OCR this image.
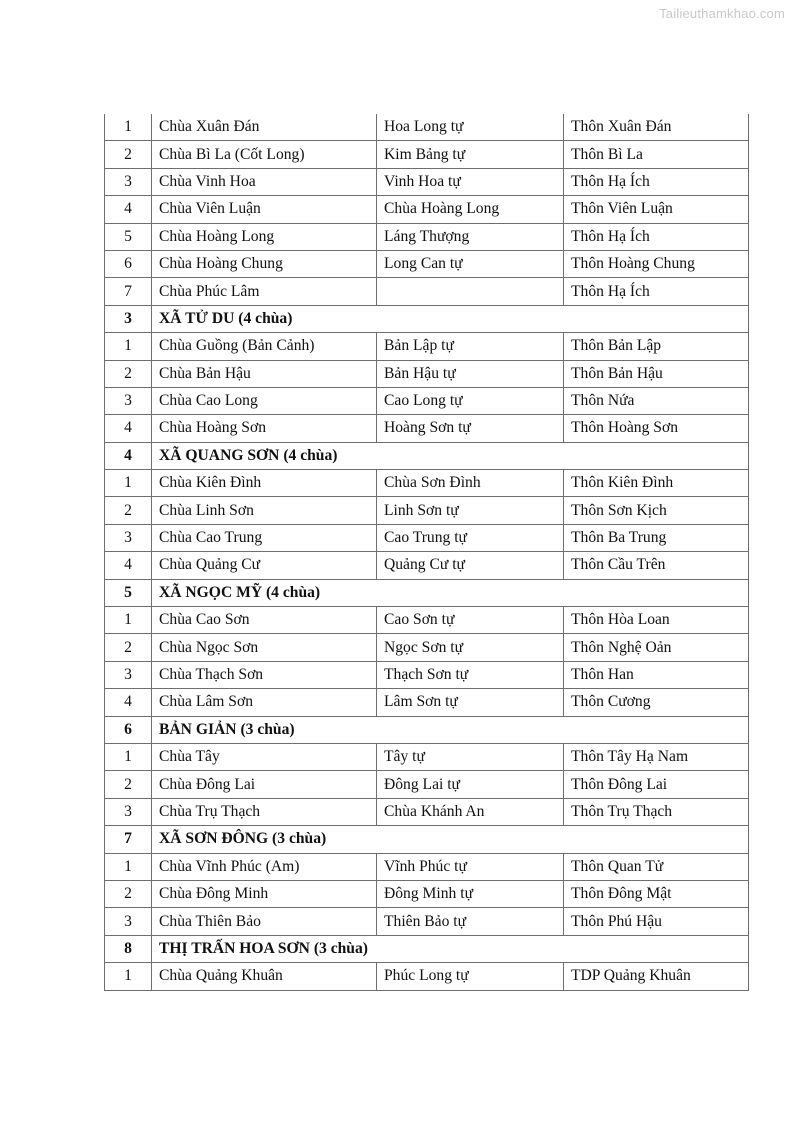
Tailieuthamkhao.com
1	Chùa Xuân Đán	Hoa Long tự	Thôn Xuân Đán
2	Chùa Bì La (Cốt Long)	Kim Bảng tự	Thôn Bì La
3	Chùa Vinh Hoa	Vinh Hoa tự	Thôn Hạ Ích
4	Chùa Viên Luận	Chùa Hoàng Long	Thôn Viên Luận
5	Chùa Hoàng Long	Láng Thượng	Thôn Hạ Ích
6	Chùa Hoàng Chung	Long Can tự	Thôn Hoàng Chung
7	Chùa Phúc Lâm		Thôn Hạ Ích
3	XÃ TỬ DU (4 chùa)		
1	Chùa Guồng (Bản Cảnh)	Bản Lập tự	Thôn Bản Lập
2	Chùa Bản Hậu	Bản Hậu tự	Thôn Bản Hậu
3	Chùa Cao Long	Cao Long tự	Thôn Nứa
4	Chùa Hoàng Sơn	Hoàng Sơn tự	Thôn Hoàng Sơn
4	XÃ QUANG SƠN (4 chùa)		
1	Chùa Kiên Đình	Chùa Sơn Đình	Thôn Kiên Đình
2	Chùa Linh Sơn	Linh Sơn tự	Thôn Sơn Kịch
3	Chùa Cao Trung	Cao Trung tự	Thôn Ba Trung
4	Chùa Quảng Cư	Quảng Cư tự	Thôn Cầu Trên
5	XÃ NGỌC MỸ (4 chùa)		
1	Chùa Cao Sơn	Cao Sơn tự	Thôn Hòa Loan
2	Chùa Ngọc Sơn	Ngọc Sơn tự	Thôn Nghệ Oản
3	Chùa Thạch Sơn	Thạch Sơn tự	Thôn Han
4	Chùa Lâm Sơn	Lâm Sơn tự	Thôn Cương
6	BẢN GIẢN (3 chùa)		
1	Chùa Tây	Tây tự	Thôn Tây Hạ Nam
2	Chùa Đông Lai	Đông Lai tự	Thôn Đông Lai
3	Chùa Trụ Thạch	Chùa Khánh An	Thôn Trụ Thạch
7	XÃ SƠN ĐÔNG (3 chùa)		
1	Chùa Vĩnh Phúc (Am)	Vĩnh Phúc tự	Thôn Quan Tử
2	Chùa Đông Minh	Đông Minh tự	Thôn Đông Mật
3	Chùa Thiên Bảo	Thiên Bảo tự	Thôn Phú Hậu
8	THỊ TRẤN HOA SƠN (3 chùa)		
1	Chùa Quảng Khuân	Phúc Long tự	TDP Quảng Khuân
